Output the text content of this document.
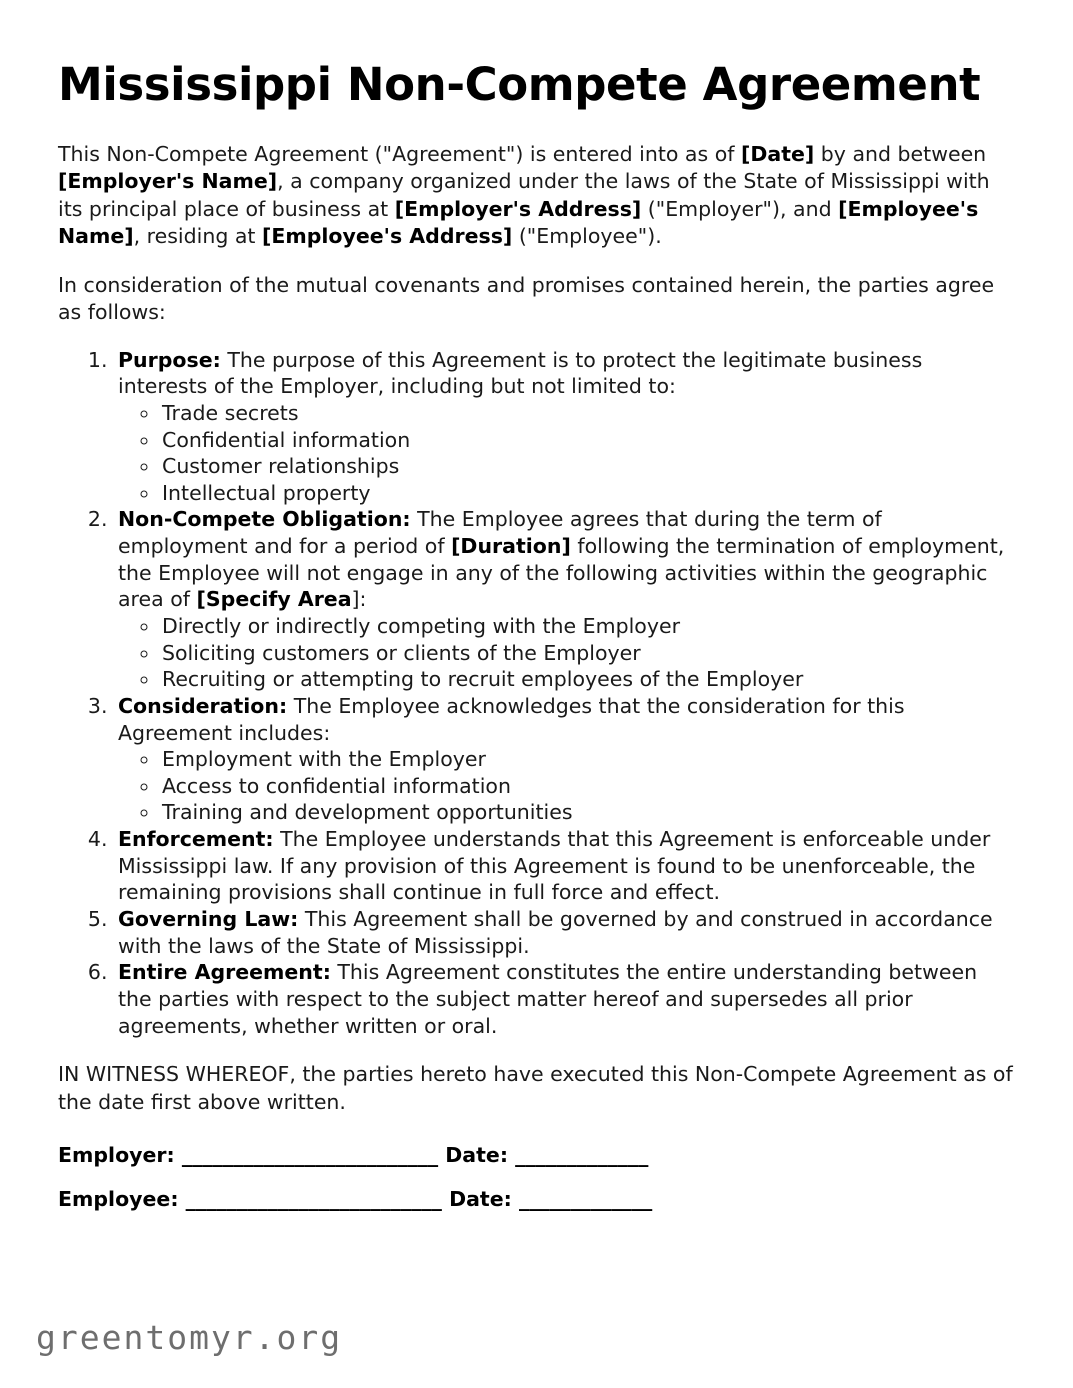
Mississippi Non-Compete Agreement

This Non-Compete Agreement ("Agreement") is entered into as of [Date] by and between [Employer's Name], a company organized under the laws of the State of Mississippi with its principal place of business at [Employer's Address] ("Employer"), and [Employee's Name], residing at [Employee's Address] ("Employee").

In consideration of the mutual covenants and promises contained herein, the parties agree as follows:

1. Purpose: The purpose of this Agreement is to protect the legitimate business interests of the Employer, including but not limited to:
◦ Trade secrets
◦ Confidential information
◦ Customer relationships
◦ Intellectual property
2. Non-Compete Obligation: The Employee agrees that during the term of employment and for a period of [Duration] following the termination of employment, the Employee will not engage in any of the following activities within the geographic area of [Specify Area]:
◦ Directly or indirectly competing with the Employer
◦ Soliciting customers or clients of the Employer
◦ Recruiting or attempting to recruit employees of the Employer
3. Consideration: The Employee acknowledges that the consideration for this Agreement includes:
◦ Employment with the Employer
◦ Access to confidential information
◦ Training and development opportunities
4. Enforcement: The Employee understands that this Agreement is enforceable under Mississippi law. If any provision of this Agreement is found to be unenforceable, the remaining provisions shall continue in full force and effect.
5. Governing Law: This Agreement shall be governed by and construed in accordance with the laws of the State of Mississippi.
6. Entire Agreement: This Agreement constitutes the entire understanding between the parties with respect to the subject matter hereof and supersedes all prior agreements, whether written or oral.

IN WITNESS WHEREOF, the parties hereto have executed this Non-Compete Agreement as of the date first above written.

Employer: _________________________ Date: _____________
Employee: _________________________ Date: _____________
greentomyr.org
